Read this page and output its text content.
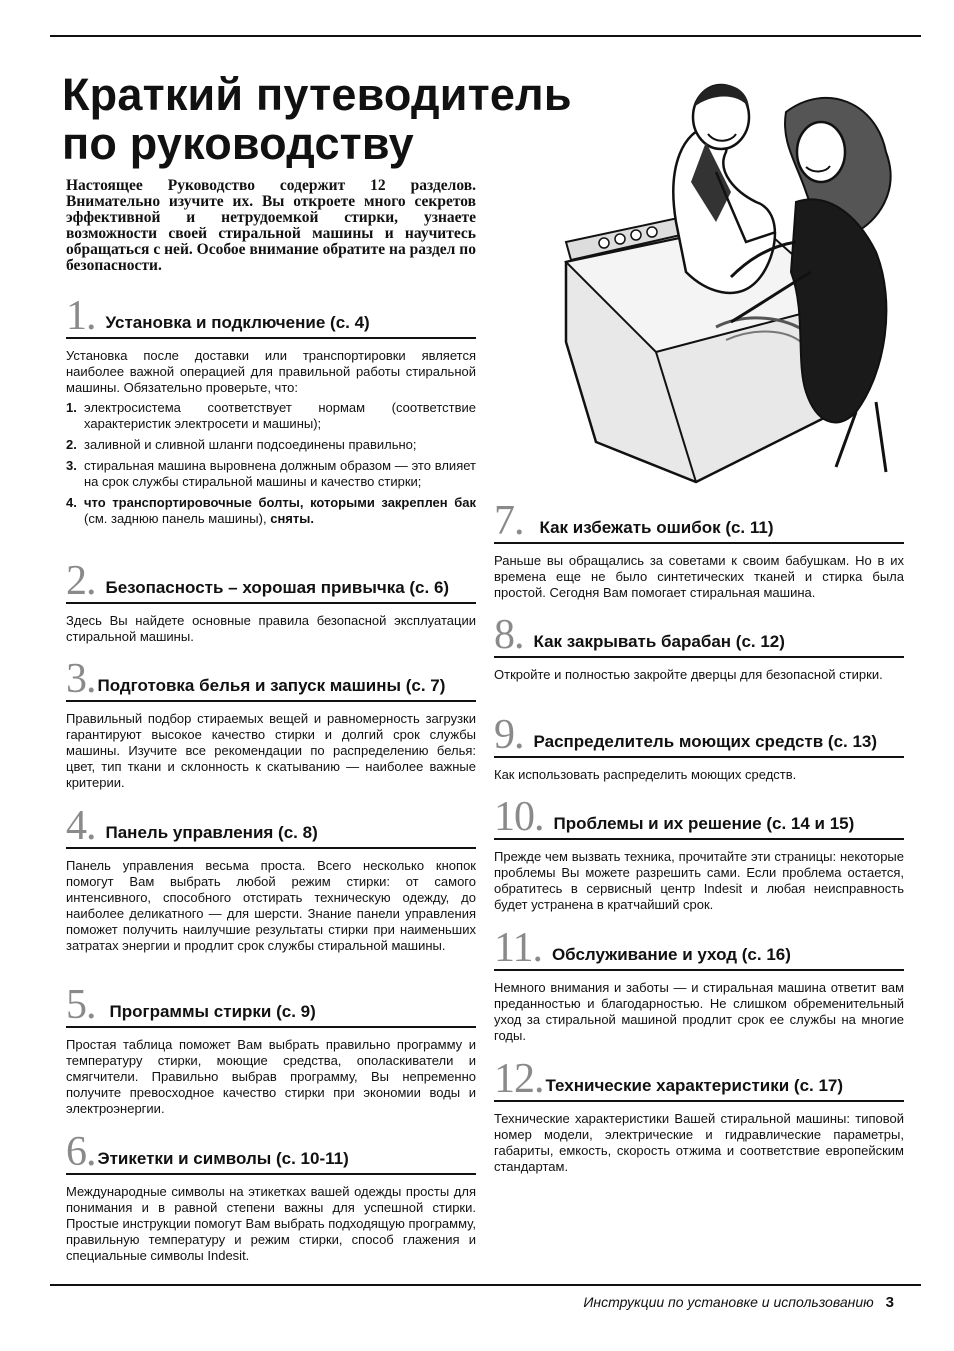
Краткий путеводитель
по руководству

Настоящее Руководство содержит 12 разделов. Внимательно изучите их. Вы откроете много секретов эффективной и нетрудоемкой стирки, узнаете возможности своей стиральной машины и научитесь обращаться с ней. Особое внимание обратите на раздел по безопасности.

1. Установка и подключение (с. 4)

Установка после доставки или транспортировки является наиболее важной операцией для правильной работы стиральной машины. Обязательно проверьте, что:

1. электросистема соответствует нормам (соответствие характеристик электросети и машины);
2. заливной и сливной шланги подсоединены правильно;
3. стиральная машина выровнена должным образом — это влияет на срок службы стиральной машины и качество стирки;
4. что транспортировочные болты, которыми закреплен бак (см. заднюю панель машины), сняты.
2. Безопасность – хорошая привычка (с. 6)

Здесь Вы найдете основные правила безопасной эксплуатации стиральной машины.

3. Подготовка белья и запуск машины (с. 7)

Правильный подбор стираемых вещей и равномерность загрузки гарантируют высокое качество стирки и долгий срок службы машины. Изучите все рекомендации по распределению белья: цвет, тип ткани и склонность к скатыванию — наиболее важные критерии.

4. Панель управления (с. 8)

Панель управления весьма проста. Всего несколько кнопок помогут Вам выбрать любой режим стирки: от самого интенсивного, способного отстирать техническую одежду, до наиболее деликатного — для шерсти. Знание панели управления поможет получить наилучшие результаты стирки при наименьших затратах энергии и продлит срок службы стиральной машины.

5. Программы стирки (с. 9)

Простая таблица поможет Вам выбрать правильно программу и температуру стирки, моющие средства, ополаскиватели и смягчители. Правильно выбрав программу, Вы непременно получите превосходное качество стирки при экономии воды и электроэнергии.

6. Этикетки и символы (с. 10-11)

Международные символы на этикетках вашей одежды просты для понимания и в равной степени важны для успешной стирки. Простые инструкции помогут Вам выбрать подходящую программу, правильную температуру и режим стирки, способ глажения и специальные символы Indesit.

7. Как избежать ошибок (с. 11)

Раньше вы обращались за советами к своим бабушкам. Но в их времена еще не было синтетических тканей и стирка была простой. Сегодня Вам помогает стиральная машина.

8. Как закрывать барабан (с. 12)

Откройте и полностью закройте дверцы для безопасной стирки.

9. Распределитель моющих средств (с. 13)

Как использовать распределить моющих средств.

10. Проблемы и их решение (с. 14 и 15)

Прежде чем вызвать техника, прочитайте эти страницы: некоторые проблемы Вы можете разрешить сами. Если проблема остается, обратитесь в сервисный центр Indesit и любая неисправность будет устранена в кратчайший срок.

11. Обслуживание и уход (с. 16)

Немного внимания и заботы — и стиральная машина ответит вам преданностью и благодарностью. Не слишком обременительный уход за стиральной машиной продлит срок ее службы на многие годы.

12. Технические характеристики (с. 17)

Технические характеристики Вашей стиральной машины: типовой номер модели, электрические и гидравлические параметры, габариты, емкость, скорость отжима и соответствие европейским стандартам.

Инструкции по установке и использованию 3
